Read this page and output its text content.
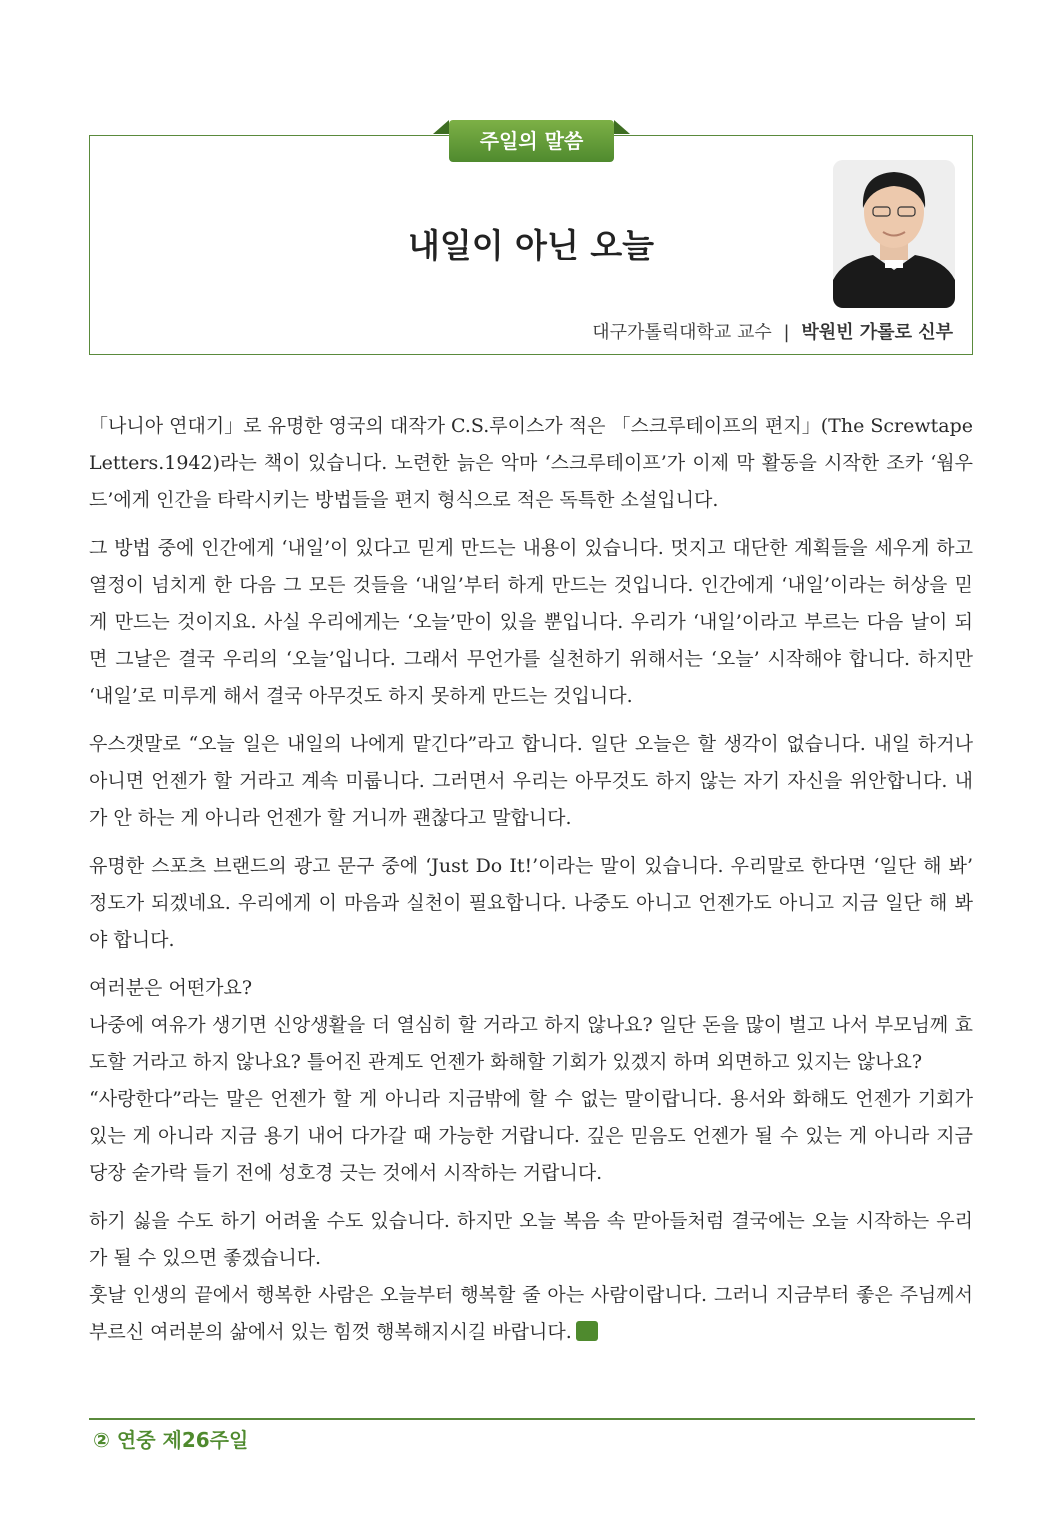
주일의 말씀
내일이 아닌 오늘
대구가톨릭대학교 교수 | 박원빈 가롤로 신부

「나니아 연대기」로 유명한 영국의 대작가 C.S.루이스가 적은 「스크루테이프의 편지」(The Screwtape Letters.1942)라는 책이 있습니다. 노련한 늙은 악마 ‘스크루테이프’가 이제 막 활동을 시작한 조카 ‘웜우드’에게 인간을 타락시키는 방법들을 편지 형식으로 적은 독특한 소설입니다.

그 방법 중에 인간에게 ‘내일’이 있다고 믿게 만드는 내용이 있습니다. 멋지고 대단한 계획들을 세우게 하고 열정이 넘치게 한 다음 그 모든 것들을 ‘내일’부터 하게 만드는 것입니다. 인간에게 ‘내일’이라는 허상을 믿게 만드는 것이지요. 사실 우리에게는 ‘오늘’만이 있을 뿐입니다. 우리가 ‘내일’이라고 부르는 다음 날이 되면 그날은 결국 우리의 ‘오늘’입니다. 그래서 무언가를 실천하기 위해서는 ‘오늘’ 시작해야 합니다. 하지만 ‘내일’로 미루게 해서 결국 아무것도 하지 못하게 만드는 것입니다.

우스갯말로 “오늘 일은 내일의 나에게 맡긴다”라고 합니다. 일단 오늘은 할 생각이 없습니다. 내일 하거나 아니면 언젠가 할 거라고 계속 미룹니다. 그러면서 우리는 아무것도 하지 않는 자기 자신을 위안합니다. 내가 안 하는 게 아니라 언젠가 할 거니까 괜찮다고 말합니다.

유명한 스포츠 브랜드의 광고 문구 중에 ‘Just Do It!’이라는 말이 있습니다. 우리말로 한다면 ‘일단 해 봐’ 정도가 되겠네요. 우리에게 이 마음과 실천이 필요합니다. 나중도 아니고 언젠가도 아니고 지금 일단 해 봐야 합니다.

여러분은 어떤가요?

나중에 여유가 생기면 신앙생활을 더 열심히 할 거라고 하지 않나요? 일단 돈을 많이 벌고 나서 부모님께 효도할 거라고 하지 않나요? 틀어진 관계도 언젠가 화해할 기회가 있겠지 하며 외면하고 있지는 않나요?

“사랑한다”라는 말은 언젠가 할 게 아니라 지금밖에 할 수 없는 말이랍니다. 용서와 화해도 언젠가 기회가 있는 게 아니라 지금 용기 내어 다가갈 때 가능한 거랍니다. 깊은 믿음도 언젠가 될 수 있는 게 아니라 지금 당장 숟가락 들기 전에 성호경 긋는 것에서 시작하는 거랍니다.

하기 싫을 수도 하기 어려울 수도 있습니다. 하지만 오늘 복음 속 맏아들처럼 결국에는 오늘 시작하는 우리가 될 수 있으면 좋겠습니다.

훗날 인생의 끝에서 행복한 사람은 오늘부터 행복할 줄 아는 사람이랍니다. 그러니 지금부터 좋은 주님께서 부르신 여러분의 삶에서 있는 힘껏 행복해지시길 바랍니다.

② 연중 제26주일
